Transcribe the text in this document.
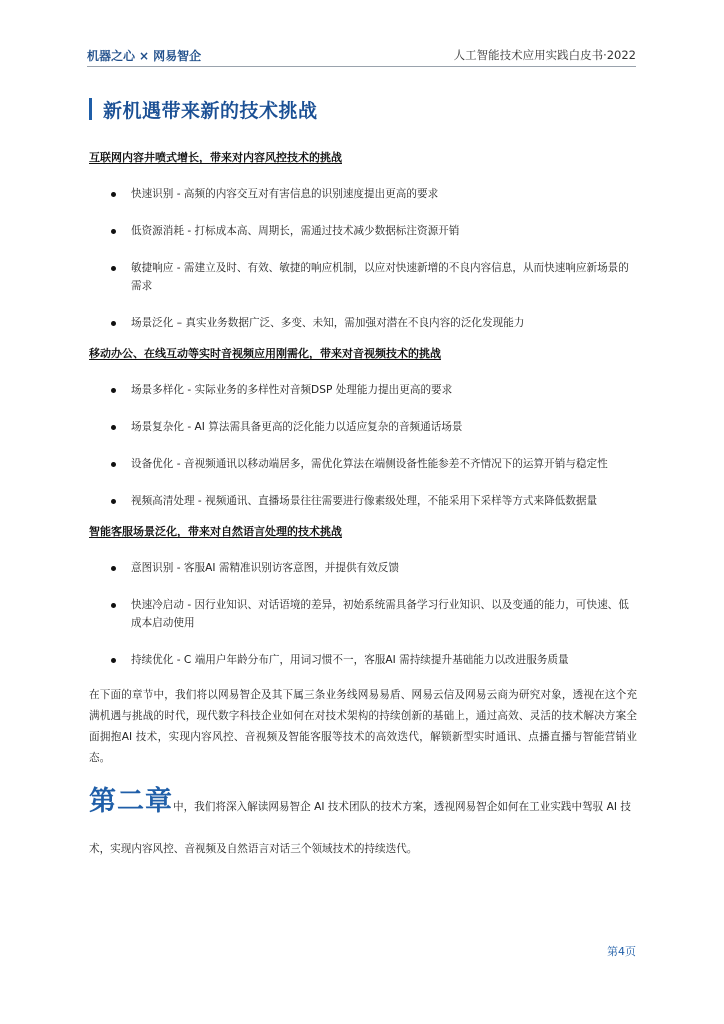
机器之心 × 网易智企	人工智能技术应用实践白皮书·2022
新机遇带来新的技术挑战

互联网内容井喷式增长，带来对内容风控技术的挑战

快速识别 - 高频的内容交互对有害信息的识别速度提出更高的要求
低资源消耗 - 打标成本高、周期长，需通过技术减少数据标注资源开销
敏捷响应 - 需建立及时、有效、敏捷的响应机制，以应对快速新增的不良内容信息，从而快速响应新场景的需求
场景泛化 – 真实业务数据广泛、多变、未知，需加强对潜在不良内容的泛化发现能力

移动办公、在线互动等实时音视频应用刚需化，带来对音视频技术的挑战

场景多样化 - 实际业务的多样性对音频DSP 处理能力提出更高的要求
场景复杂化 - AI 算法需具备更高的泛化能力以适应复杂的音频通话场景
设备优化 - 音视频通讯以移动端居多，需优化算法在端侧设备性能参差不齐情况下的运算开销与稳定性
视频高清处理 - 视频通讯、直播场景往往需要进行像素级处理，不能采用下采样等方式来降低数据量

智能客服场景泛化，带来对自然语言处理的技术挑战

意图识别 - 客服AI 需精准识别访客意图，并提供有效反馈
快速冷启动 - 因行业知识、对话语境的差异，初始系统需具备学习行业知识、以及变通的能力，可快速、低成本启动使用
持续优化 - C 端用户年龄分布广，用词习惯不一，客服AI 需持续提升基础能力以改进服务质量

在下面的章节中，我们将以网易智企及其下属三条业务线网易易盾、网易云信及网易云商为研究对象，透视在这个充满机遇与挑战的时代，现代数字科技企业如何在对技术架构的持续创新的基础上，通过高效、灵活的技术解决方案全面拥抱AI 技术，实现内容风控、音视频及智能客服等技术的高效迭代，解锁新型实时通讯、点播直播与智能营销业态。

第二章中，我们将深入解读网易智企 AI 技术团队的技术方案，透视网易智企如何在工业实践中驾驭 AI 技术，实现内容风控、音视频及自然语言对话三个领域技术的持续迭代。

第4页
